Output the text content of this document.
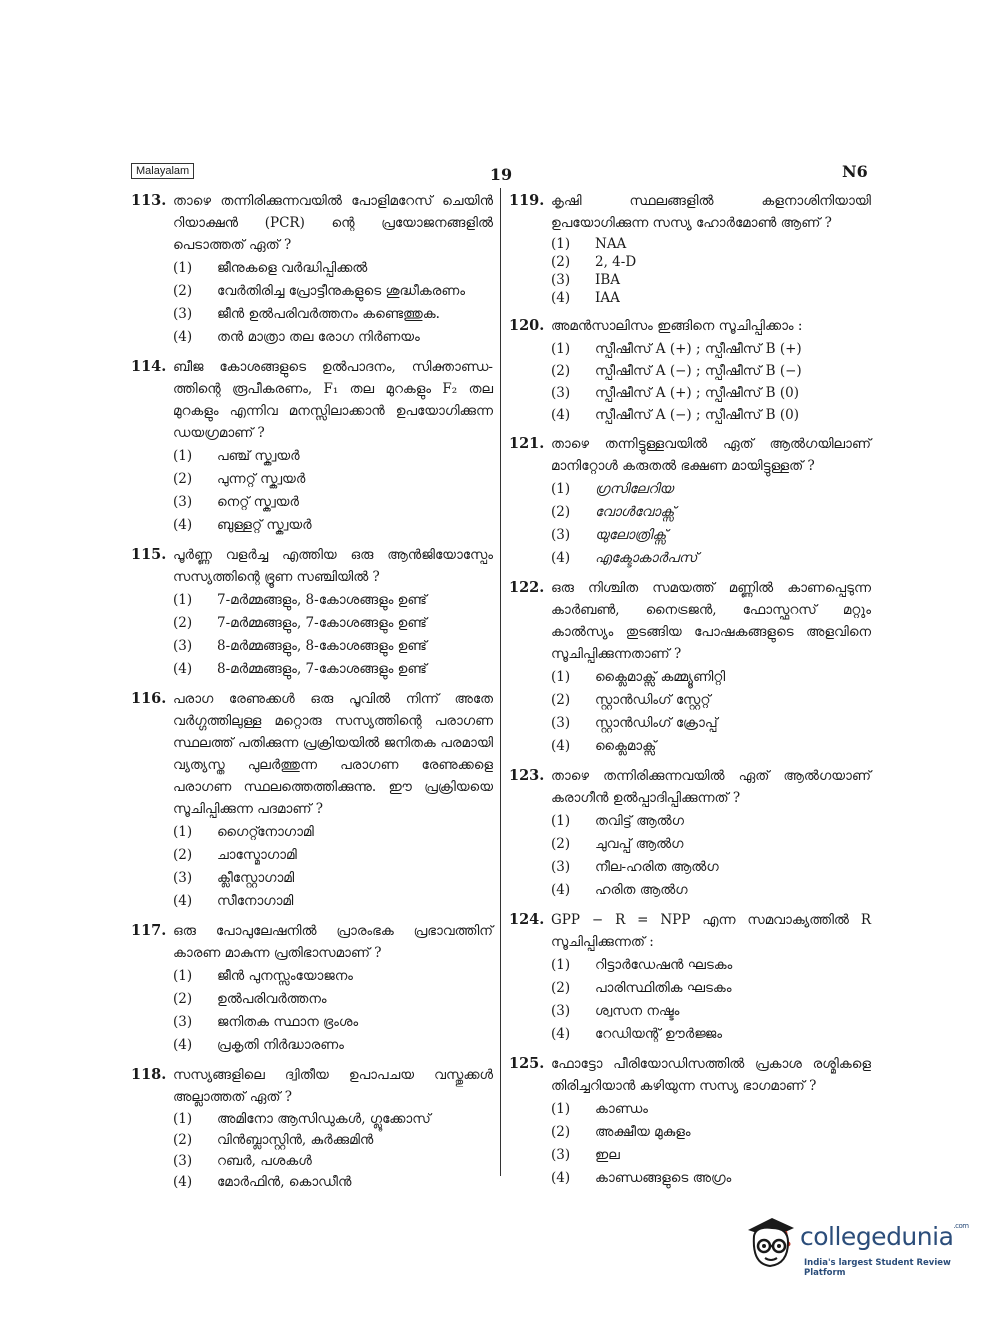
Malayalam	19	N6
113. താഴെ തന്നിരിക്കുന്നവയിൽ പോളിമറേസ് ചെയിൻ റിയാക്ഷൻ (PCR) ന്റെ പ്രയോജനങ്ങളിൽ പെടാത്തത് ഏത് ?
(1) ജീനുകളെ വർദ്ധിപ്പിക്കൽ
(2) വേർതിരിച്ച പ്രോട്ടീനുകളുടെ ശുദ്ധീകരണം
(3) ജീൻ ഉൽപരിവർത്തനം കണ്ടെത്തുക.
(4) തൻ മാത്രാ തല രോഗ നിർണയം
114. ബീജ കോശങ്ങളുടെ ഉൽപാദനം, സിക്താണ്ഡ- ത്തിന്റെ രൂപീകരണം, F₁ തല മുറകളും F₂ തല മുറകളും എന്നിവ മനസ്സിലാക്കാൻ ഉപയോഗിക്കുന്ന ഡയഗ്രമാണ് ?
(1) പഞ്ച് സ്ക്വയർ
(2) പുന്നറ്റ് സ്ക്വയർ
(3) നെറ്റ് സ്ക്വയർ
(4) ബുള്ളറ്റ് സ്ക്വയർ
115. പൂർണ്ണ വളർച്ച എത്തിയ ഒരു ആൻജിയോസ്പേം സസ്യത്തിന്റെ ഭ്രൂണ സഞ്ചിയിൽ ?
(1) 7-മർമ്മങ്ങളും, 8-കോശങ്ങളും ഉണ്ട്
(2) 7-മർമ്മങ്ങളും, 7-കോശങ്ങളും ഉണ്ട്
(3) 8-മർമ്മങ്ങളും, 8-കോശങ്ങളും ഉണ്ട്
(4) 8-മർമ്മങ്ങളും, 7-കോശങ്ങളും ഉണ്ട്
116. പരാഗ രേണുക്കൾ ഒരു പൂവിൽ നിന്ന് അതേ വർഗ്ഗത്തിലുള്ള മറ്റൊരു സസ്യത്തിന്റെ പരാഗണ സ്ഥലത്ത് പതിക്കുന്ന പ്രക്രിയയിൽ ജനിതക പരമായി വ്യത്യസ്ത പുലർത്തുന്ന പരാഗണ രേണുക്കളെ പരാഗണ സ്ഥലത്തെത്തിക്കുന്നു. ഈ പ്രക്രിയയെ സൂചിപ്പിക്കുന്ന പദമാണ് ?
(1) ഗൈറ്റ്നോഗാമി
(2) ചാസ്മോഗാമി
(3) ക്ലീസ്റ്റോഗാമി
(4) സീനോഗാമി
117. ഒരു പോപുലേഷനിൽ പ്രാരംഭക പ്രഭാവത്തിന് കാരണ മാകുന്ന പ്രതിഭാസമാണ് ?
(1) ജീൻ പുനസ്സംയോജനം
(2) ഉൽപരിവർത്തനം
(3) ജനിതക സ്ഥാന ഭ്രംശം
(4) പ്രകൃതി നിർദ്ധാരണം
118. സസ്യങ്ങളിലെ ദ്വിതീയ ഉപാപചയ വസ്തുക്കൾ അല്ലാത്തത് ഏത് ?
(1) അമിനോ ആസിഡുകൾ, ഗ്ലൂക്കോസ്
(2) വിൻബ്ലാസ്റ്റിൻ, കുർക്കുമിൻ
(3) റബർ, പശകൾ
(4) മോർഫിൻ, കൊഡീൻ
119. കൃഷി സ്ഥലങ്ങളിൽ കളനാശിനിയായി ഉപയോഗിക്കുന്ന സസ്യ ഹോർമോൺ ആണ് ?
(1) NAA
(2) 2, 4-D
(3) IBA
(4) IAA
120. അമൻസാലിസം ഇങ്ങിനെ സൂചിപ്പിക്കാം :
(1) സ്പീഷീസ് A (+) ; സ്പീഷീസ് B (+)
(2) സ്പീഷീസ് A (−) ; സ്പീഷീസ് B (−)
(3) സ്പീഷീസ് A (+) ; സ്പീഷീസ് B (0)
(4) സ്പീഷീസ് A (−) ; സ്പീഷീസ് B (0)
121. താഴെ തന്നിട്ടുള്ളവയിൽ ഏത് ആൽഗയിലാണ് മാനിറ്റോൾ കരുതൽ ഭക്ഷണ മായിട്ടുള്ളത് ?
(1) ഗ്രസിലേറിയ
(2) വോൾവോക്സ്
(3) യുലോത്രിക്സ്
(4) എക്ടോകാർപസ്
122. ഒരു നിശ്ചിത സമയത്ത് മണ്ണിൽ കാണപ്പെടുന്ന കാർബൺ, നൈട്രജൻ, ഫോസ്ഫറസ് മറ്റും കാൽസ്യം തുടങ്ങിയ പോഷകങ്ങളുടെ അളവിനെ സൂചിപ്പിക്കുന്നതാണ് ?
(1) ക്ലൈമാക്സ് കമ്മ്യൂണിറ്റി
(2) സ്റ്റാൻഡിംഗ് സ്റ്റേറ്റ്
(3) സ്റ്റാൻഡിംഗ് ക്രോപ്പ്
(4) ക്ലൈമാക്സ്
123. താഴെ തന്നിരിക്കുന്നവയിൽ ഏത് ആൽഗയാണ് കരാഗീൻ ഉൽപ്പാദിപ്പിക്കുന്നത് ?
(1) തവിട്ട് ആൽഗ
(2) ചുവപ്പ് ആൽഗ
(3) നീല-ഹരിത ആൽഗ
(4) ഹരിത ആൽഗ
124. GPP − R = NPP എന്ന സമവാക്യത്തിൽ R സൂചിപ്പിക്കുന്നത് :
(1) റിട്ടാർഡേഷൻ ഘടകം
(2) പാരിസ്ഥിതിക ഘടകം
(3) ശ്വസന നഷ്ടം
(4) റേഡിയന്റ് ഊർജ്ജം
125. ഫോട്ടോ പീരിയോഡിസത്തിൽ പ്രകാശ രശ്മികളെ തിരിച്ചറിയാൻ കഴിയുന്ന സസ്യ ഭാഗമാണ് ?
(1) കാണ്ഡം
(2) അക്ഷീയ മുകുളം
(3) ഇല
(4) കാണ്ഡങ്ങളുടെ അഗ്രം
collegedunia$^{.com}$
India's largest Student Review Platform
